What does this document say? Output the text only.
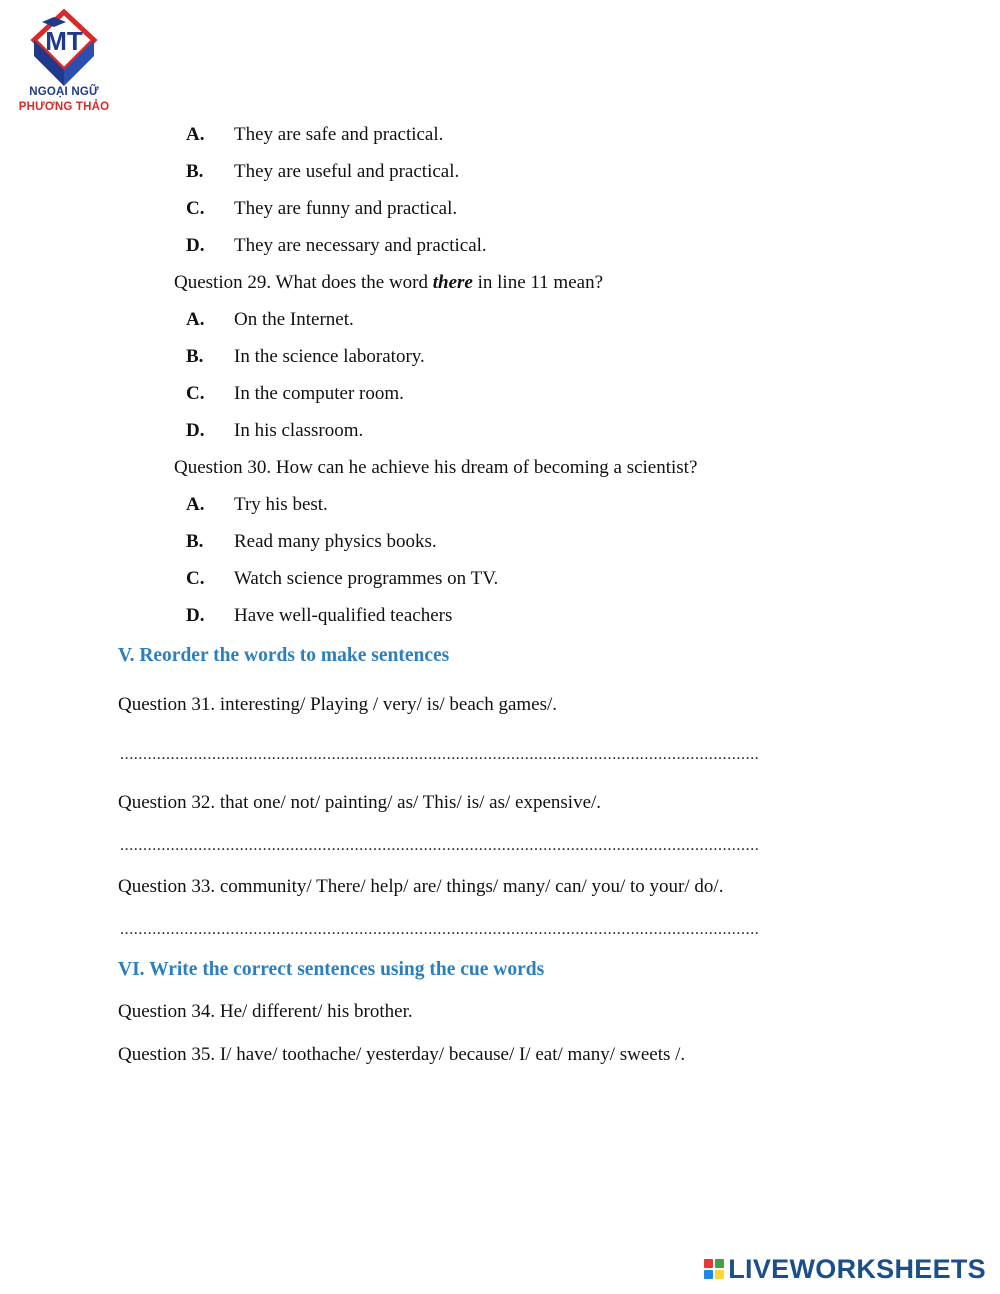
MT
NGOẠI NGỮ
PHƯƠNG THẢO
A. They are safe and practical.
B. They are useful and practical.
C. They are funny and practical.
D. They are necessary and practical.
Question 29. What does the word there in line 11 mean?
A. On the Internet.
B. In the science laboratory.
C. In the computer room.
D. In his classroom.
Question 30. How can he achieve his dream of becoming a scientist?
A. Try his best.
B. Read many physics books.
C. Watch science programmes on TV.
D. Have well-qualified teachers
V. Reorder the words to make sentences
Question 31. interesting/ Playing / very/ is/ beach games/.
...........................................................................................................................................
Question 32. that one/ not/ painting/ as/ This/ is/ as/ expensive/.
...........................................................................................................................................
Question 33. community/ There/ help/ are/ things/ many/ can/ you/ to your/ do/.
...........................................................................................................................................
VI. Write the correct sentences using the cue words
Question 34. He/ different/ his brother.
Question 35. I/ have/ toothache/ yesterday/ because/ I/ eat/ many/ sweets /.
LIVEWORKSHEETS
